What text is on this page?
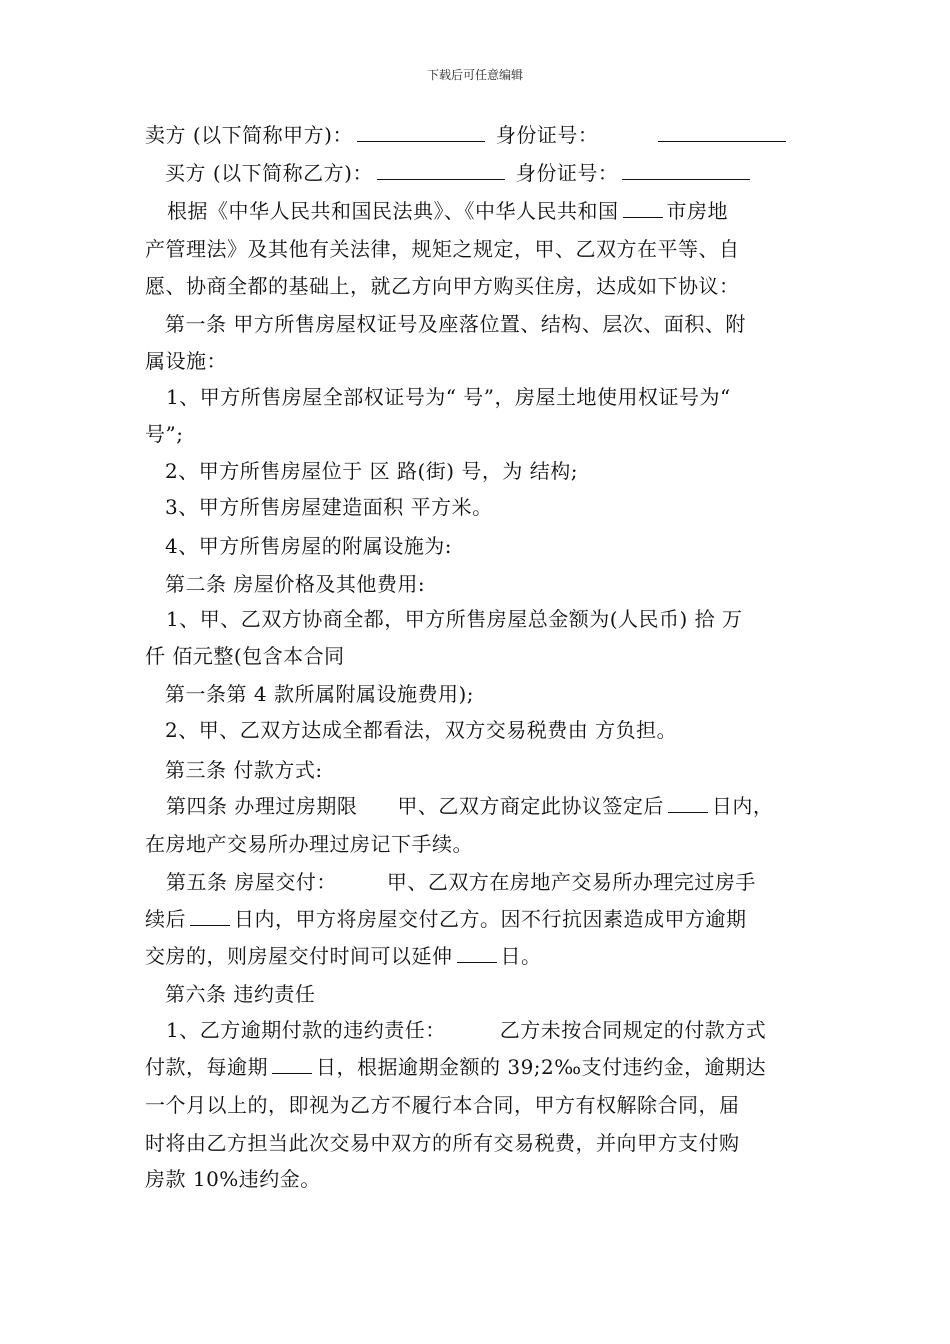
下载后可任意编辑
卖方 (以下简称甲方)：	身份证号：
买方 (以下简称乙方)：	身份证号：
根据《中华人民共和国民法典》、《中华人民共和国 市房地
产管理法》及其他有关法律，规矩之规定，甲、乙双方在平等、自
愿、协商全都的基础上，就乙方向甲方购买住房，达成如下协议：
第一条 甲方所售房屋权证号及座落位置、结构、层次、面积、附
属设施：
1、甲方所售房屋全部权证号为“ 号”，房屋土地使用权证号为“
号”;
2、甲方所售房屋位于 区 路(街) 号，为 结构;
3、甲方所售房屋建造面积 平方米。
4、甲方所售房屋的附属设施为:
第二条 房屋价格及其他费用:
1、甲、乙双方协商全都，甲方所售房屋总金额为(人民币) 拾 万
仟 佰元整(包含本合同
第一条第 4 款所属附属设施费用);
2、甲、乙双方达成全都看法，双方交易税费由 方负担。
第三条 付款方式:
第四条 办理过房期限 甲、乙双方商定此协议签定后 日内，
在房地产交易所办理过房记下手续。
第五条 房屋交付：	甲、乙双方在房地产交易所办理完过房手
续后 日内，甲方将房屋交付乙方。因不行抗因素造成甲方逾期
交房的，则房屋交付时间可以延伸 日。
第六条 违约责任
1、乙方逾期付款的违约责任：	乙方未按合同规定的付款方式
付款，每逾期 日，根据逾期金额的 39;2‰支付违约金，逾期达
一个月以上的，即视为乙方不履行本合同，甲方有权解除合同，届
时将由乙方担当此次交易中双方的所有交易税费，并向甲方支付购
房款 10%违约金。
